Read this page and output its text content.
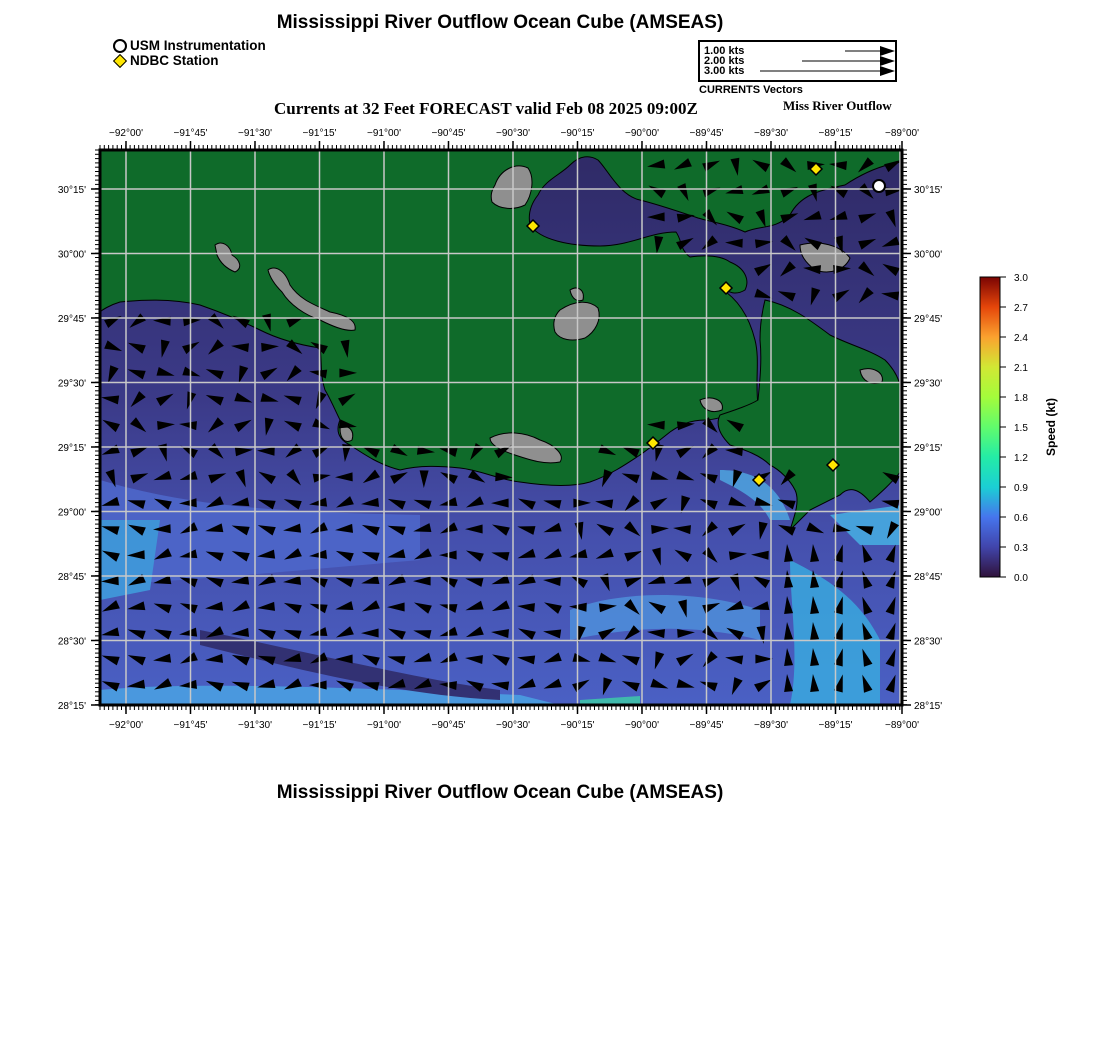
Mississippi River Outflow Ocean Cube (AMSEAS)
USM Instrumentation
NDBC Station
1.00 kts
2.00 kts
3.00 kts
CURRENTS Vectors
Currents at 32 Feet FORECAST valid Feb 08 2025 09:00Z	Miss River Outflow
−92°00'
−92°00'
−91°45'
−91°45'
−91°30'
−91°30'
−91°15'
−91°15'
−91°00'
−91°00'
−90°45'
−90°45'
−90°30'
−90°30'
−90°15'
−90°15'
−90°00'
−90°00'
−89°45'
−89°45'
−89°30'
−89°30'
−89°15'
−89°15'
−89°00'
−89°00'
30°15'	30°15'
30°00'	30°00'
29°45'	29°45'
29°30'	29°30'
29°15'	29°15'
29°00'	29°00'
28°45'	28°45'
28°30'	28°30'
28°15'	28°15'
3.0
2.7
2.4
2.1
1.8
1.5
1.2
0.9
0.6
0.3
0.0
Speed (kt)
Mississippi River Outflow Ocean Cube (AMSEAS)
